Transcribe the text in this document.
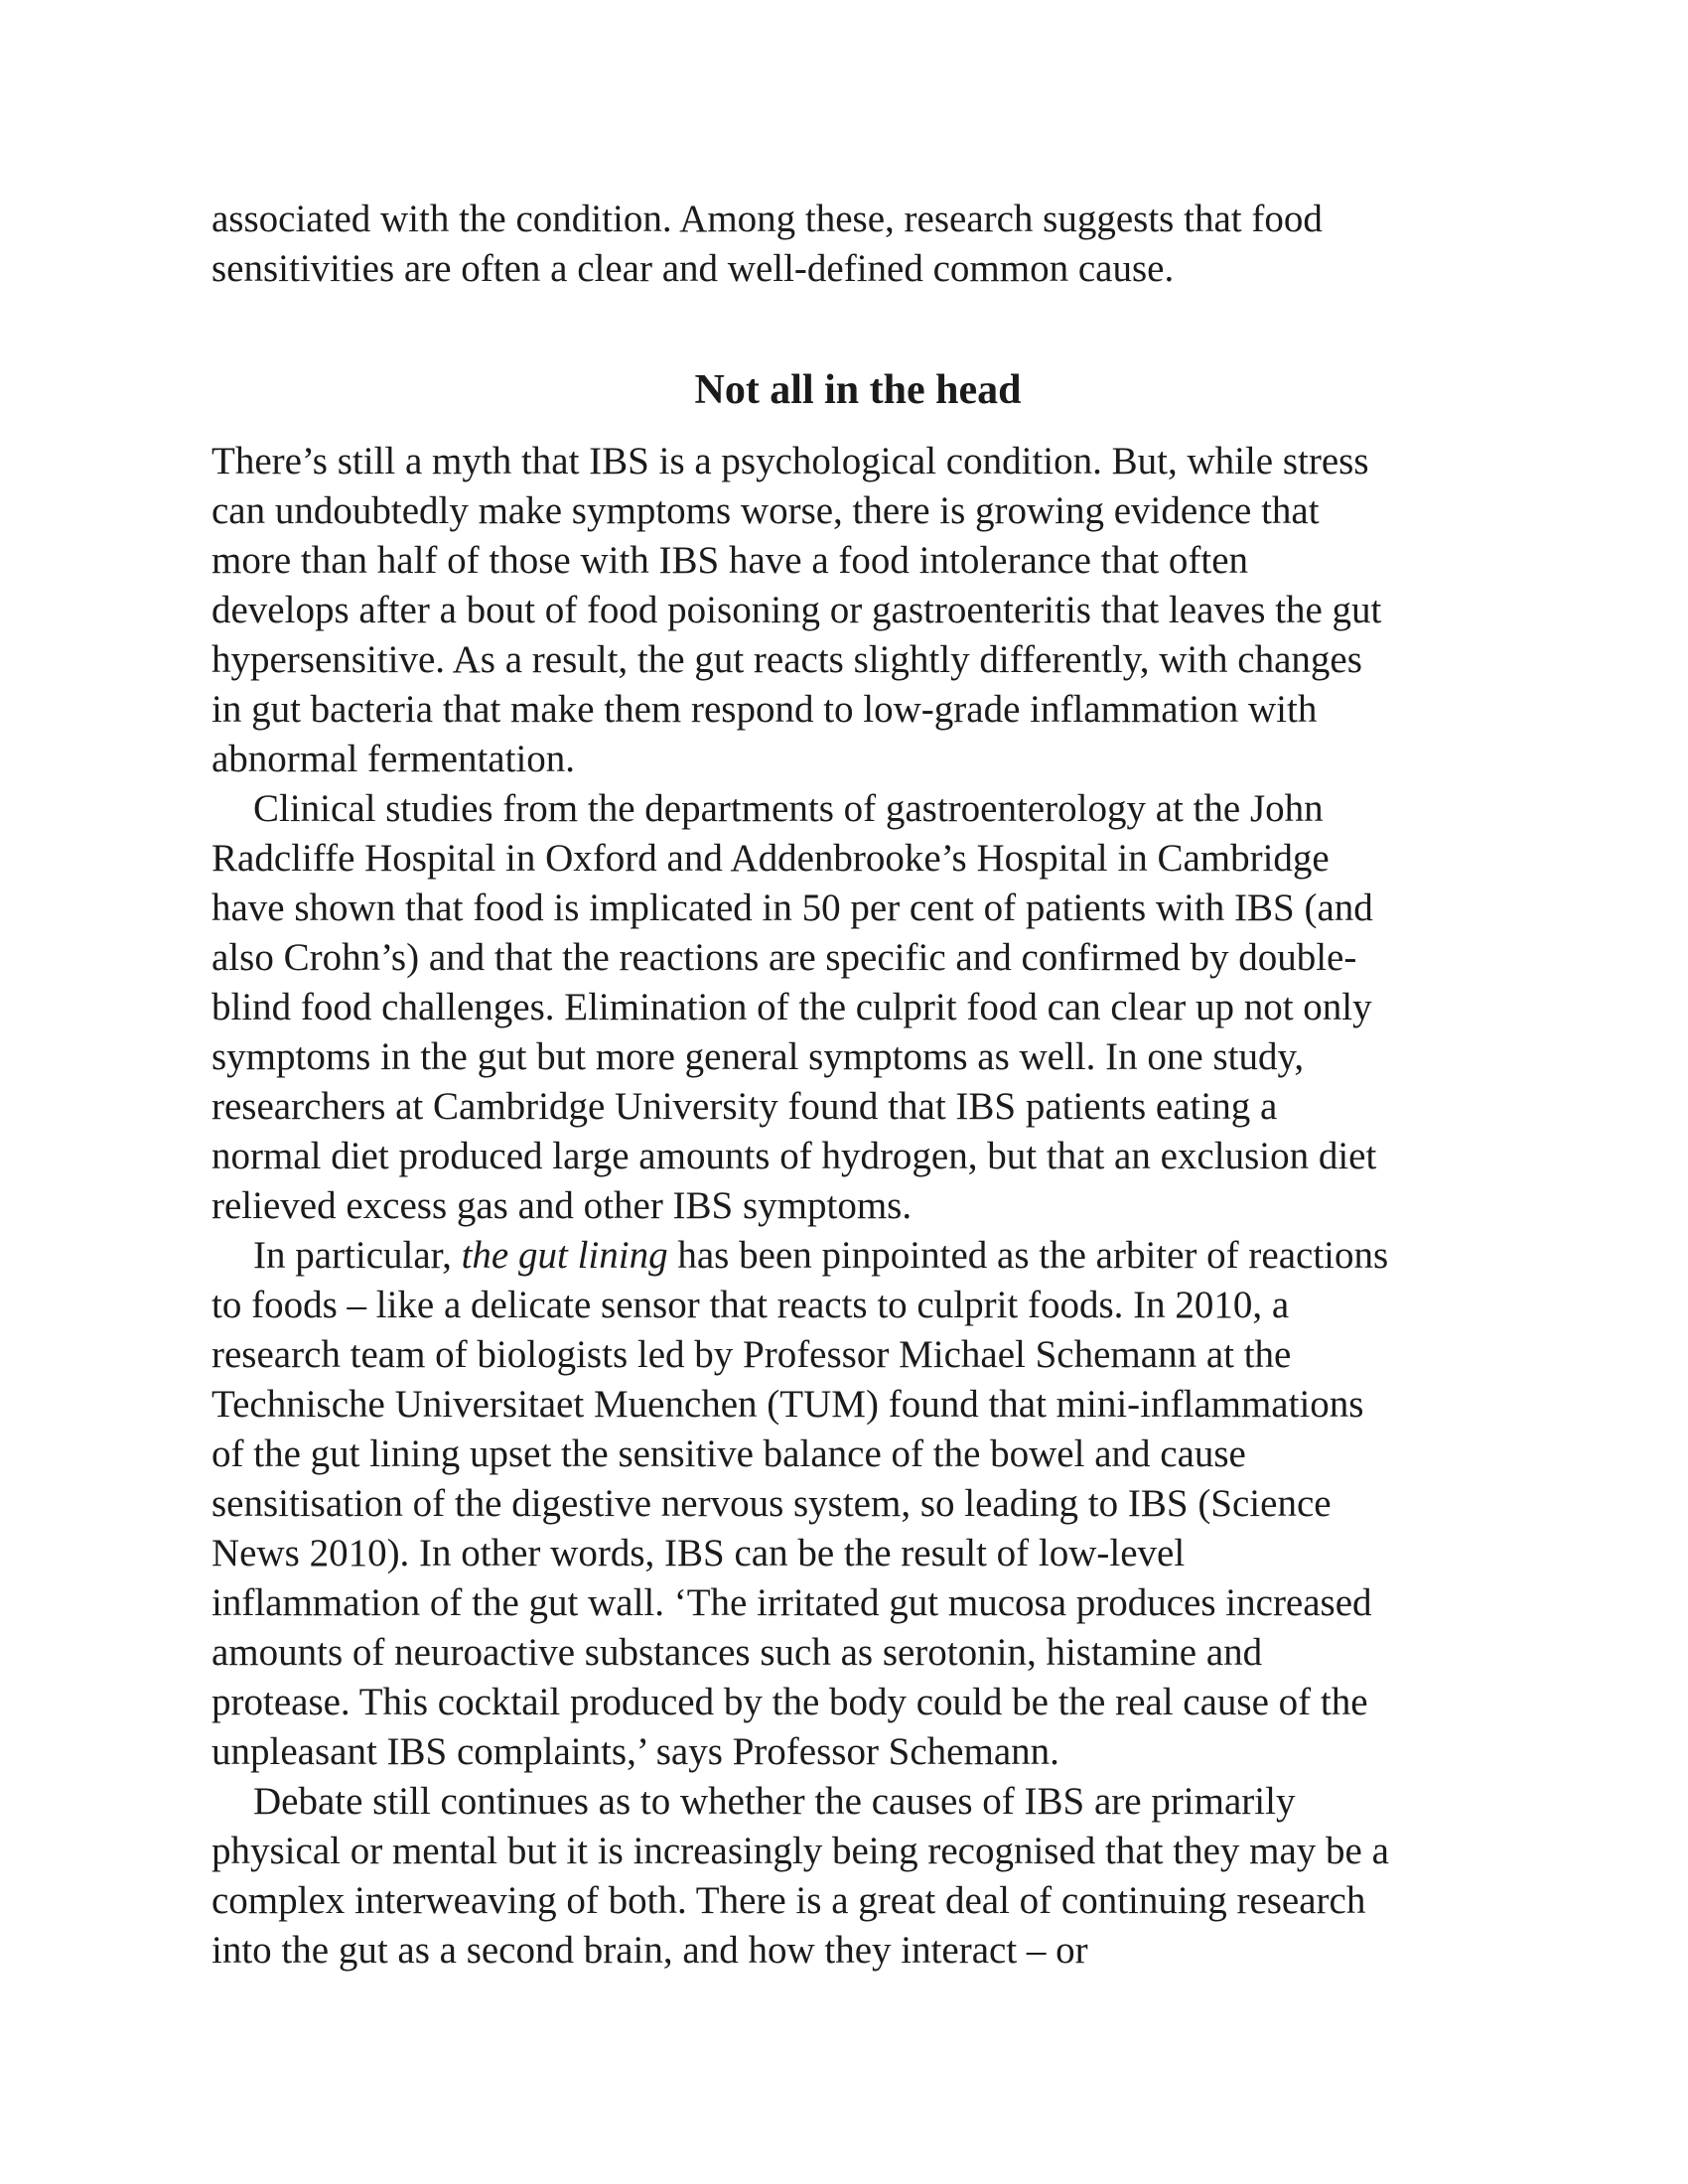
associated with the condition. Among these, research suggests that food
sensitivities are often a clear and well-defined common cause.
Not all in the head
There’s still a myth that IBS is a psychological condition. But, while stress
can undoubtedly make symptoms worse, there is growing evidence that
more than half of those with IBS have a food intolerance that often
develops after a bout of food poisoning or gastroenteritis that leaves the gut
hypersensitive. As a result, the gut reacts slightly differently, with changes
in gut bacteria that make them respond to low-grade inflammation with
abnormal fermentation.
Clinical studies from the departments of gastroenterology at the John
Radcliffe Hospital in Oxford and Addenbrooke’s Hospital in Cambridge
have shown that food is implicated in 50 per cent of patients with IBS (and
also Crohn’s) and that the reactions are specific and confirmed by double-
blind food challenges. Elimination of the culprit food can clear up not only
symptoms in the gut but more general symptoms as well. In one study,
researchers at Cambridge University found that IBS patients eating a
normal diet produced large amounts of hydrogen, but that an exclusion diet
relieved excess gas and other IBS symptoms.
In particular, the gut lining has been pinpointed as the arbiter of reactions
to foods – like a delicate sensor that reacts to culprit foods. In 2010, a
research team of biologists led by Professor Michael Schemann at the
Technische Universitaet Muenchen (TUM) found that mini-inflammations
of the gut lining upset the sensitive balance of the bowel and cause
sensitisation of the digestive nervous system, so leading to IBS (Science
News 2010). In other words, IBS can be the result of low-level
inflammation of the gut wall. ‘The irritated gut mucosa produces increased
amounts of neuroactive substances such as serotonin, histamine and
protease. This cocktail produced by the body could be the real cause of the
unpleasant IBS complaints,’ says Professor Schemann.
Debate still continues as to whether the causes of IBS are primarily
physical or mental but it is increasingly being recognised that they may be a
complex interweaving of both. There is a great deal of continuing research
into the gut as a second brain, and how they interact – or
